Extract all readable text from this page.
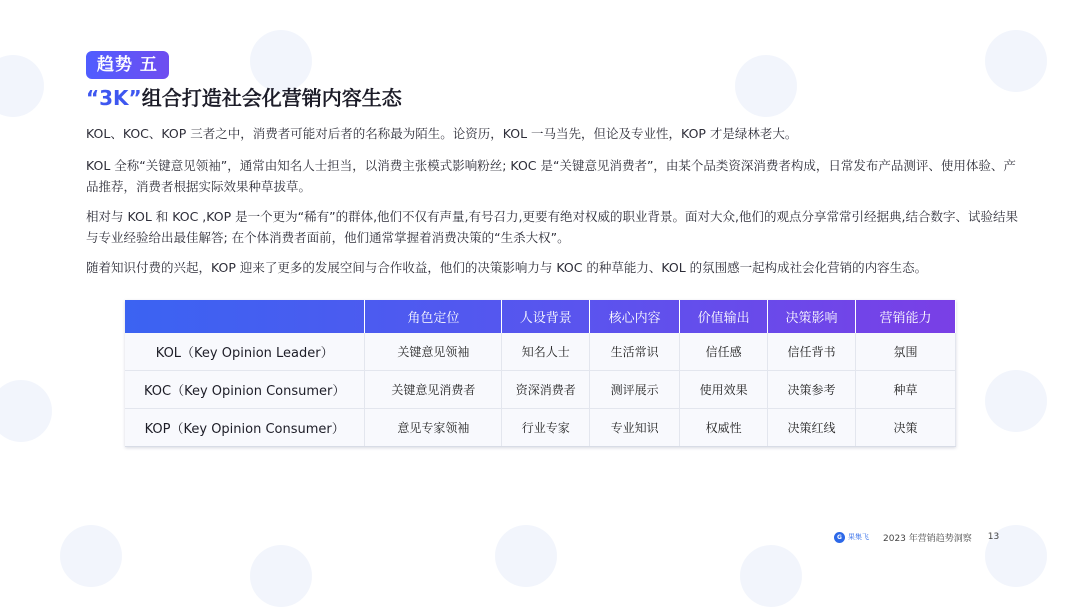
趋势 五
“3K”组合打造社会化营销内容生态

KOL、KOC、KOP 三者之中，消费者可能对后者的名称最为陌生。论资历，KOL 一马当先，但论及专业性，KOP 才是绿林老大。

KOL 全称“关键意见领袖”，通常由知名人士担当，以消费主张模式影响粉丝; KOC 是“关键意见消费者”，由某个品类资深消费者构成，日常发布产品测评、使用体验、产品推荐，消费者根据实际效果种草拔草。

相对与 KOL 和 KOC ,KOP 是一个更为“稀有”的群体,他们不仅有声量,有号召力,更要有绝对权威的职业背景。面对大众,他们的观点分享常常引经据典,结合数字、试验结果与专业经验给出最佳解答; 在个体消费者面前，他们通常掌握着消费决策的“生杀大权”。

随着知识付费的兴起，KOP 迎来了更多的发展空间与合作收益，他们的决策影响力与 KOC 的种草能力、KOL 的氛围感一起构成社会化营销的内容生态。

	角色定位	人设背景	核心内容	价值输出	决策影响	营销能力
KOL（Key Opinion Leader）	关键意见领袖	知名人士	生活常识	信任感	信任背书	氛围
KOC（Key Opinion Consumer）	关键意见消费者	资深消费者	测评展示	使用效果	决策参考	种草
KOP（Key Opinion Consumer）	意见专家领袖	行业专家	专业知识	权威性	决策红线	决策
G 果集飞 2023 年营销趋势洞察 13
